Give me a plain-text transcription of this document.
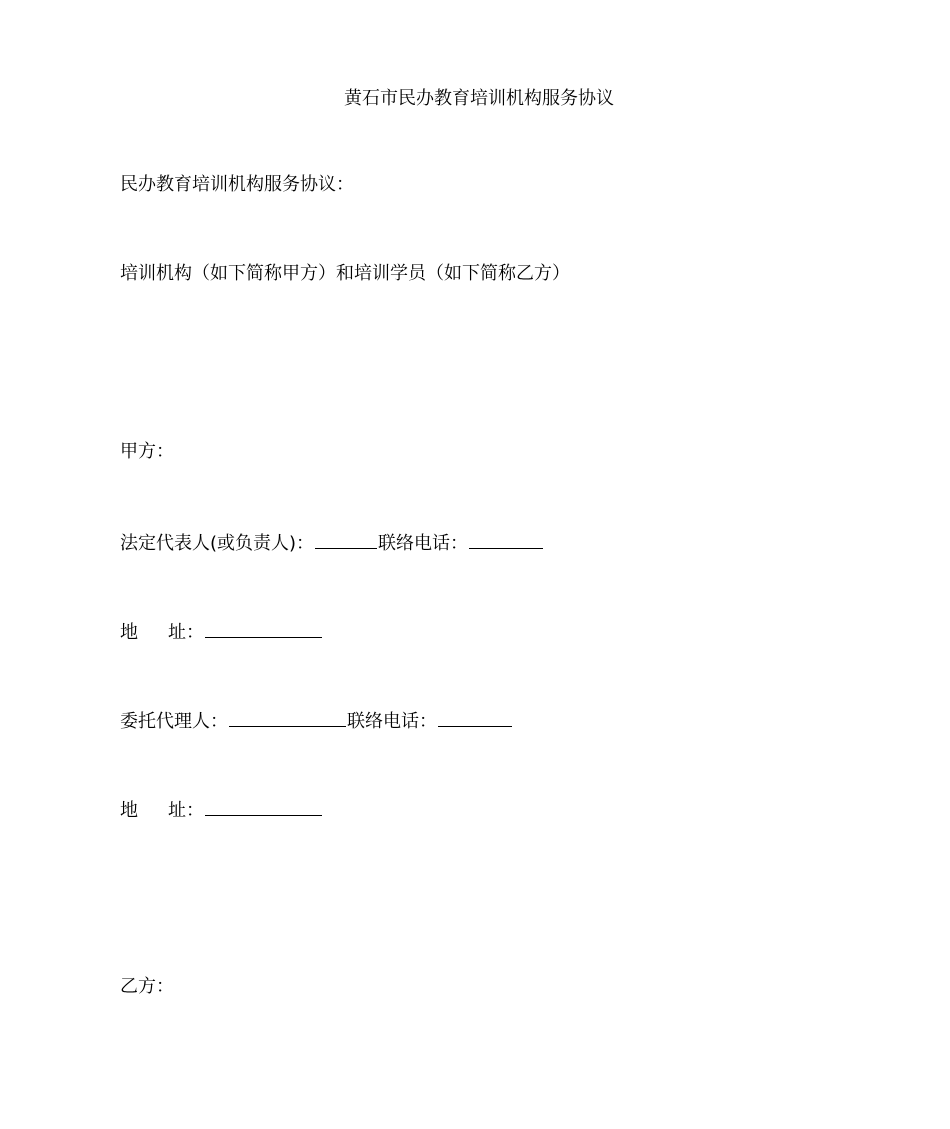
黄石市民办教育培训机构服务协议
民办教育培训机构服务协议：
培训机构（如下简称甲方）和培训学员（如下简称乙方）
甲方：
法定代表人(或负责人)：	联络电话：
地 址：
委托代理人：	联络电话：
地 址：
乙方：
